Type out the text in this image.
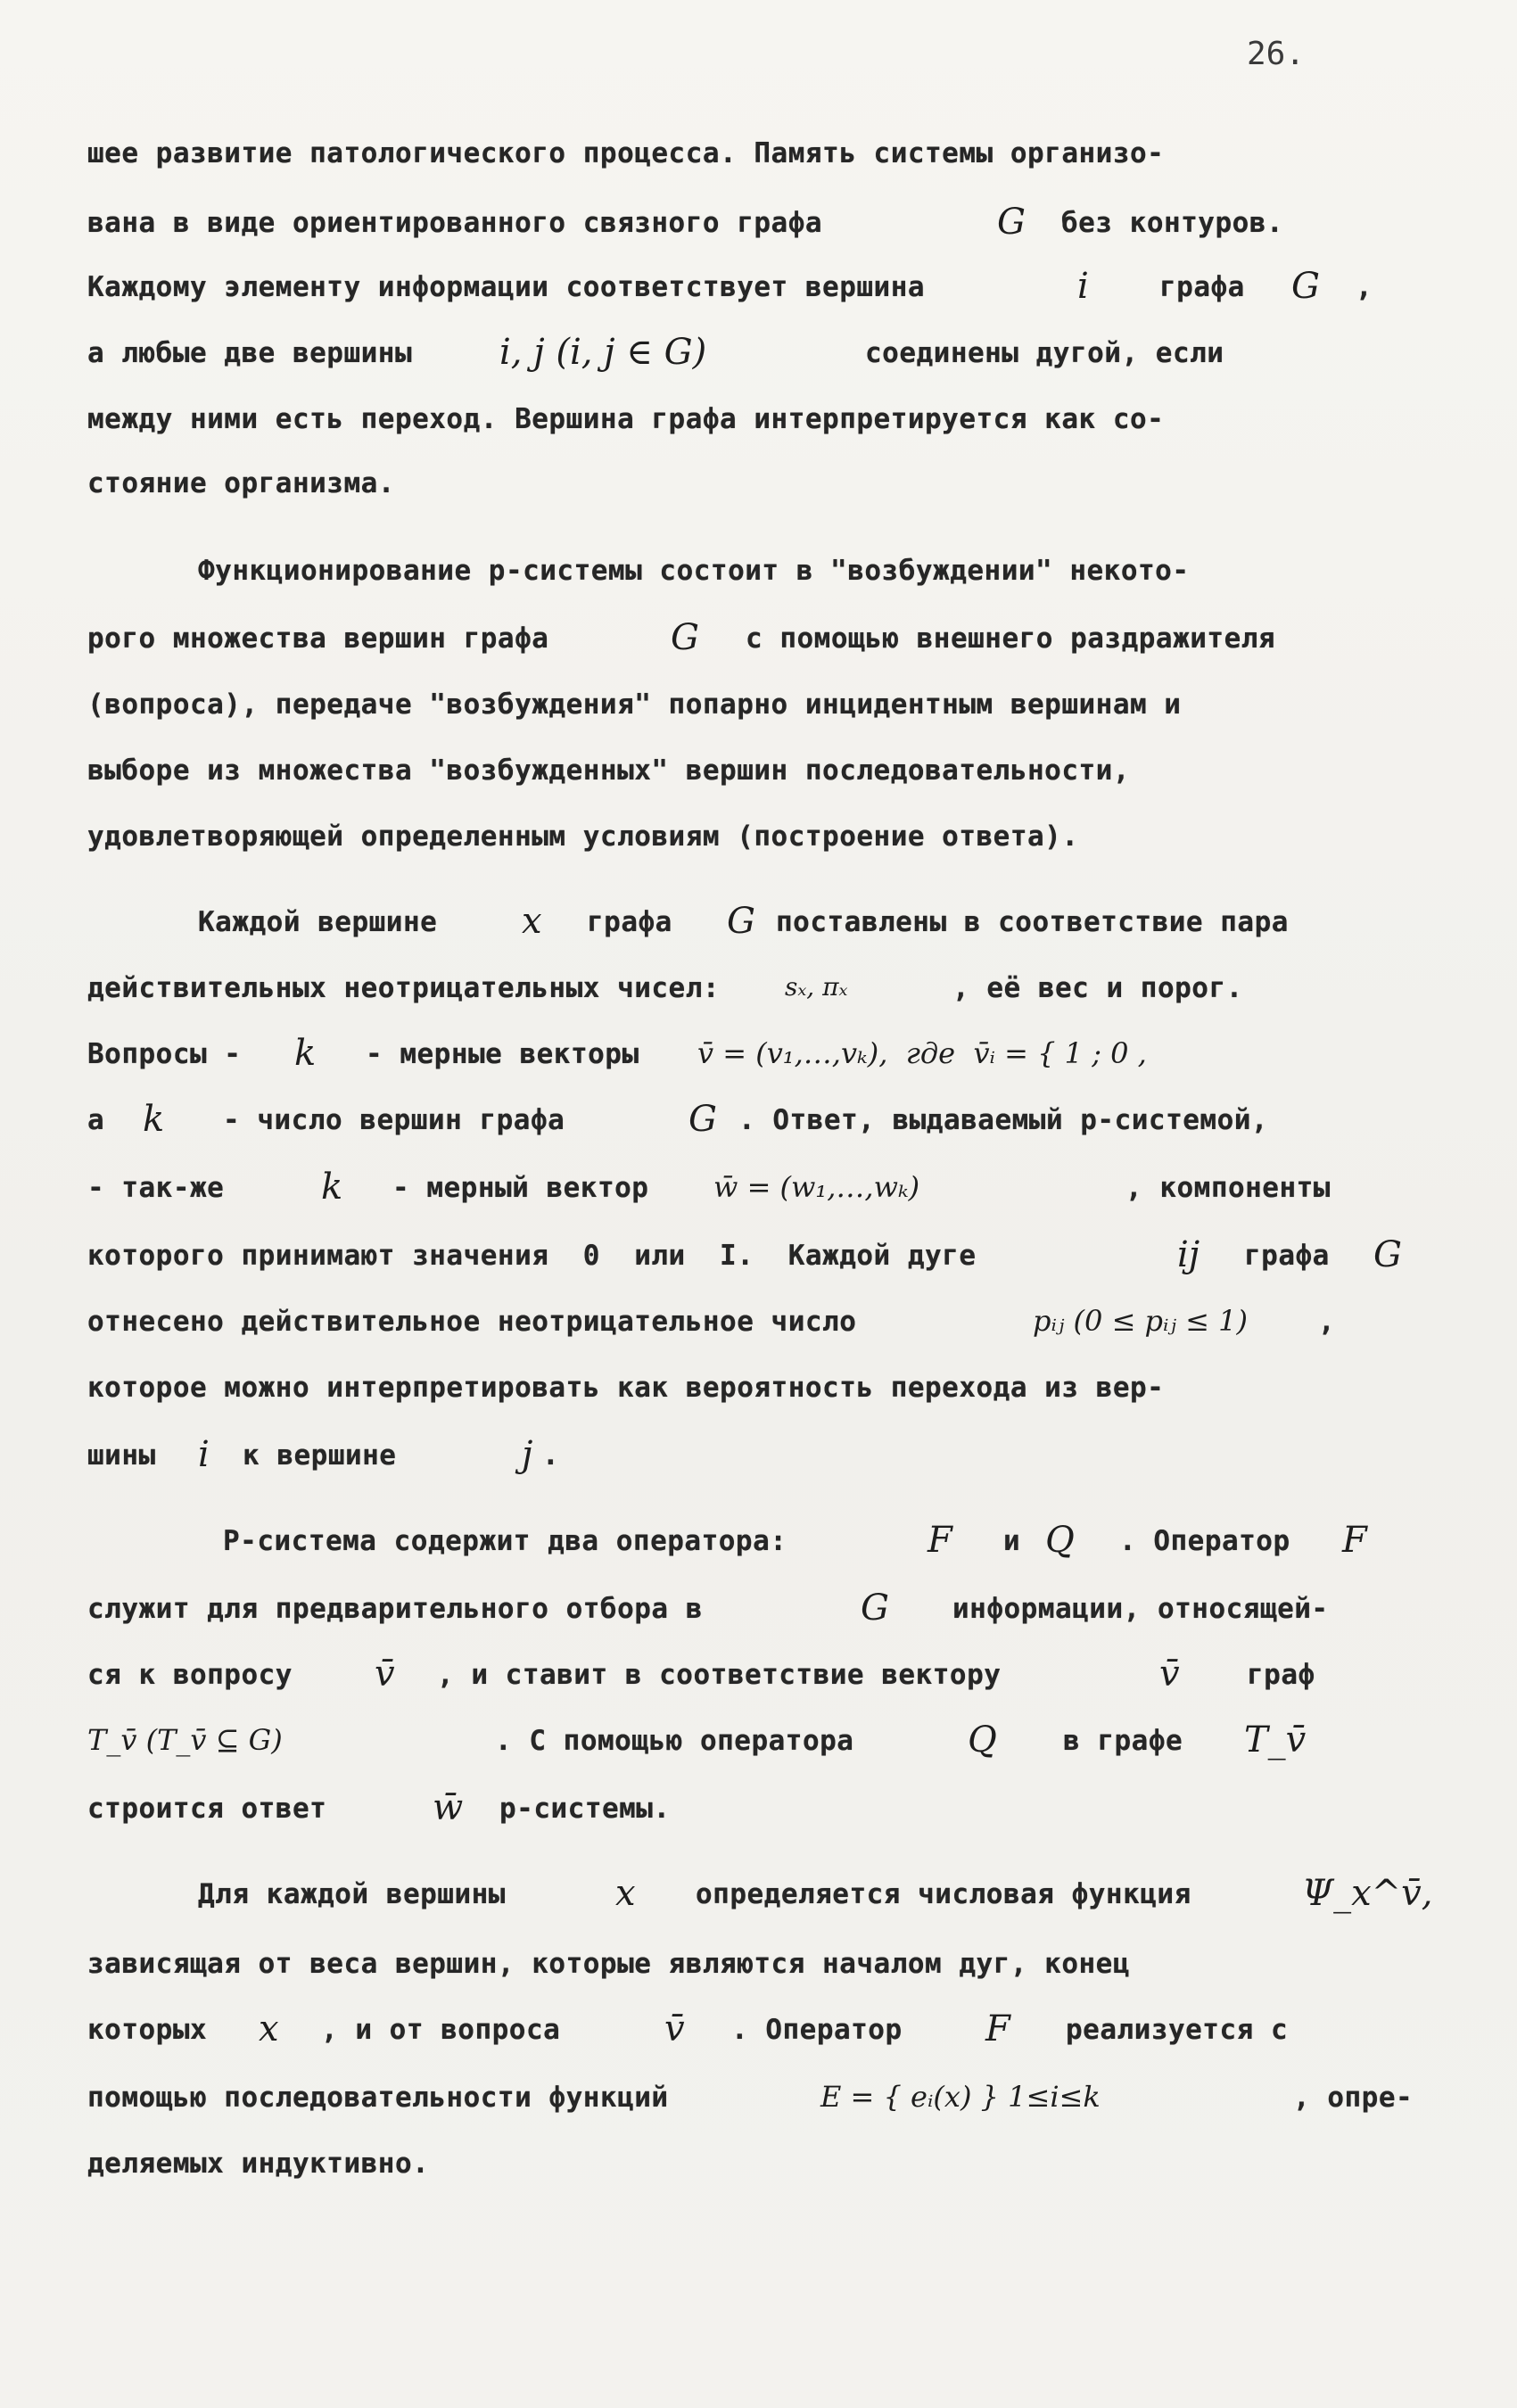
26.
шее развитие патологического процесса. Память системы организо-
вана в виде ориентированного связного графа	G без контуров.
Каждому элементу информации соответствует вершина	i	графа G ,
а любые две вершины i, j (i, j ∈ G)	соединены дугой, если
между ними есть переход. Вершина графа интерпретируется как со-
стояние организма.
Функционирование р-системы состоит в "возбуждении" некото-
рого множества вершин графа	G с помощью внешнего раздражителя
(вопроса), передаче "возбуждения" попарно инцидентным вершинам и
выборе из множества "возбужденных" вершин последовательности,
удовлетворяющей определенным условиям (построение ответа).
Каждой вершине x графа G поставлены в соответствие пара
действительных неотрицательных чисел:	sₓ, πₓ	, её вес и порог.
Вопросы - k - мерные векторы v̄ = (v₁,…,vₖ),  где  v̄ᵢ = { 1 ; 0 ,
а k - число вершин графа	G . Ответ, выдаваемый р-системой,
- так-же	k - мерный вектор w̄ = (w₁,…,wₖ)	, компоненты
которого принимают значения  0  или  I.  Каждой дуге	ij графа G
отнесено действительное неотрицательное число	pᵢⱼ (0 ≤ pᵢⱼ ≤ 1)	,
которое можно интерпретировать как вероятность перехода из вер-
шины i к вершине	j .
Р-система содержит два оператора:	F и Q . Оператор F
служит для предварительного отбора в	G информации, относящей-
ся к вопросу v̄ , и ставит в соответствие вектору	v̄ граф
T_v̄ (T_v̄ ⊆ G)	. С помощью оператора	Q в графе T_v̄
строится ответ	w̄ р-системы.
Для каждой вершины	x определяется числовая функция	Ψ_x^v̄,
зависящая от веса вершин, которые являются началом дуг, конец
которых x , и от вопроса	v̄ . Оператор F реализуется с
помощью последовательности функций	E = { eᵢ(x) } 1≤i≤k	, опре-
деляемых индуктивно.
